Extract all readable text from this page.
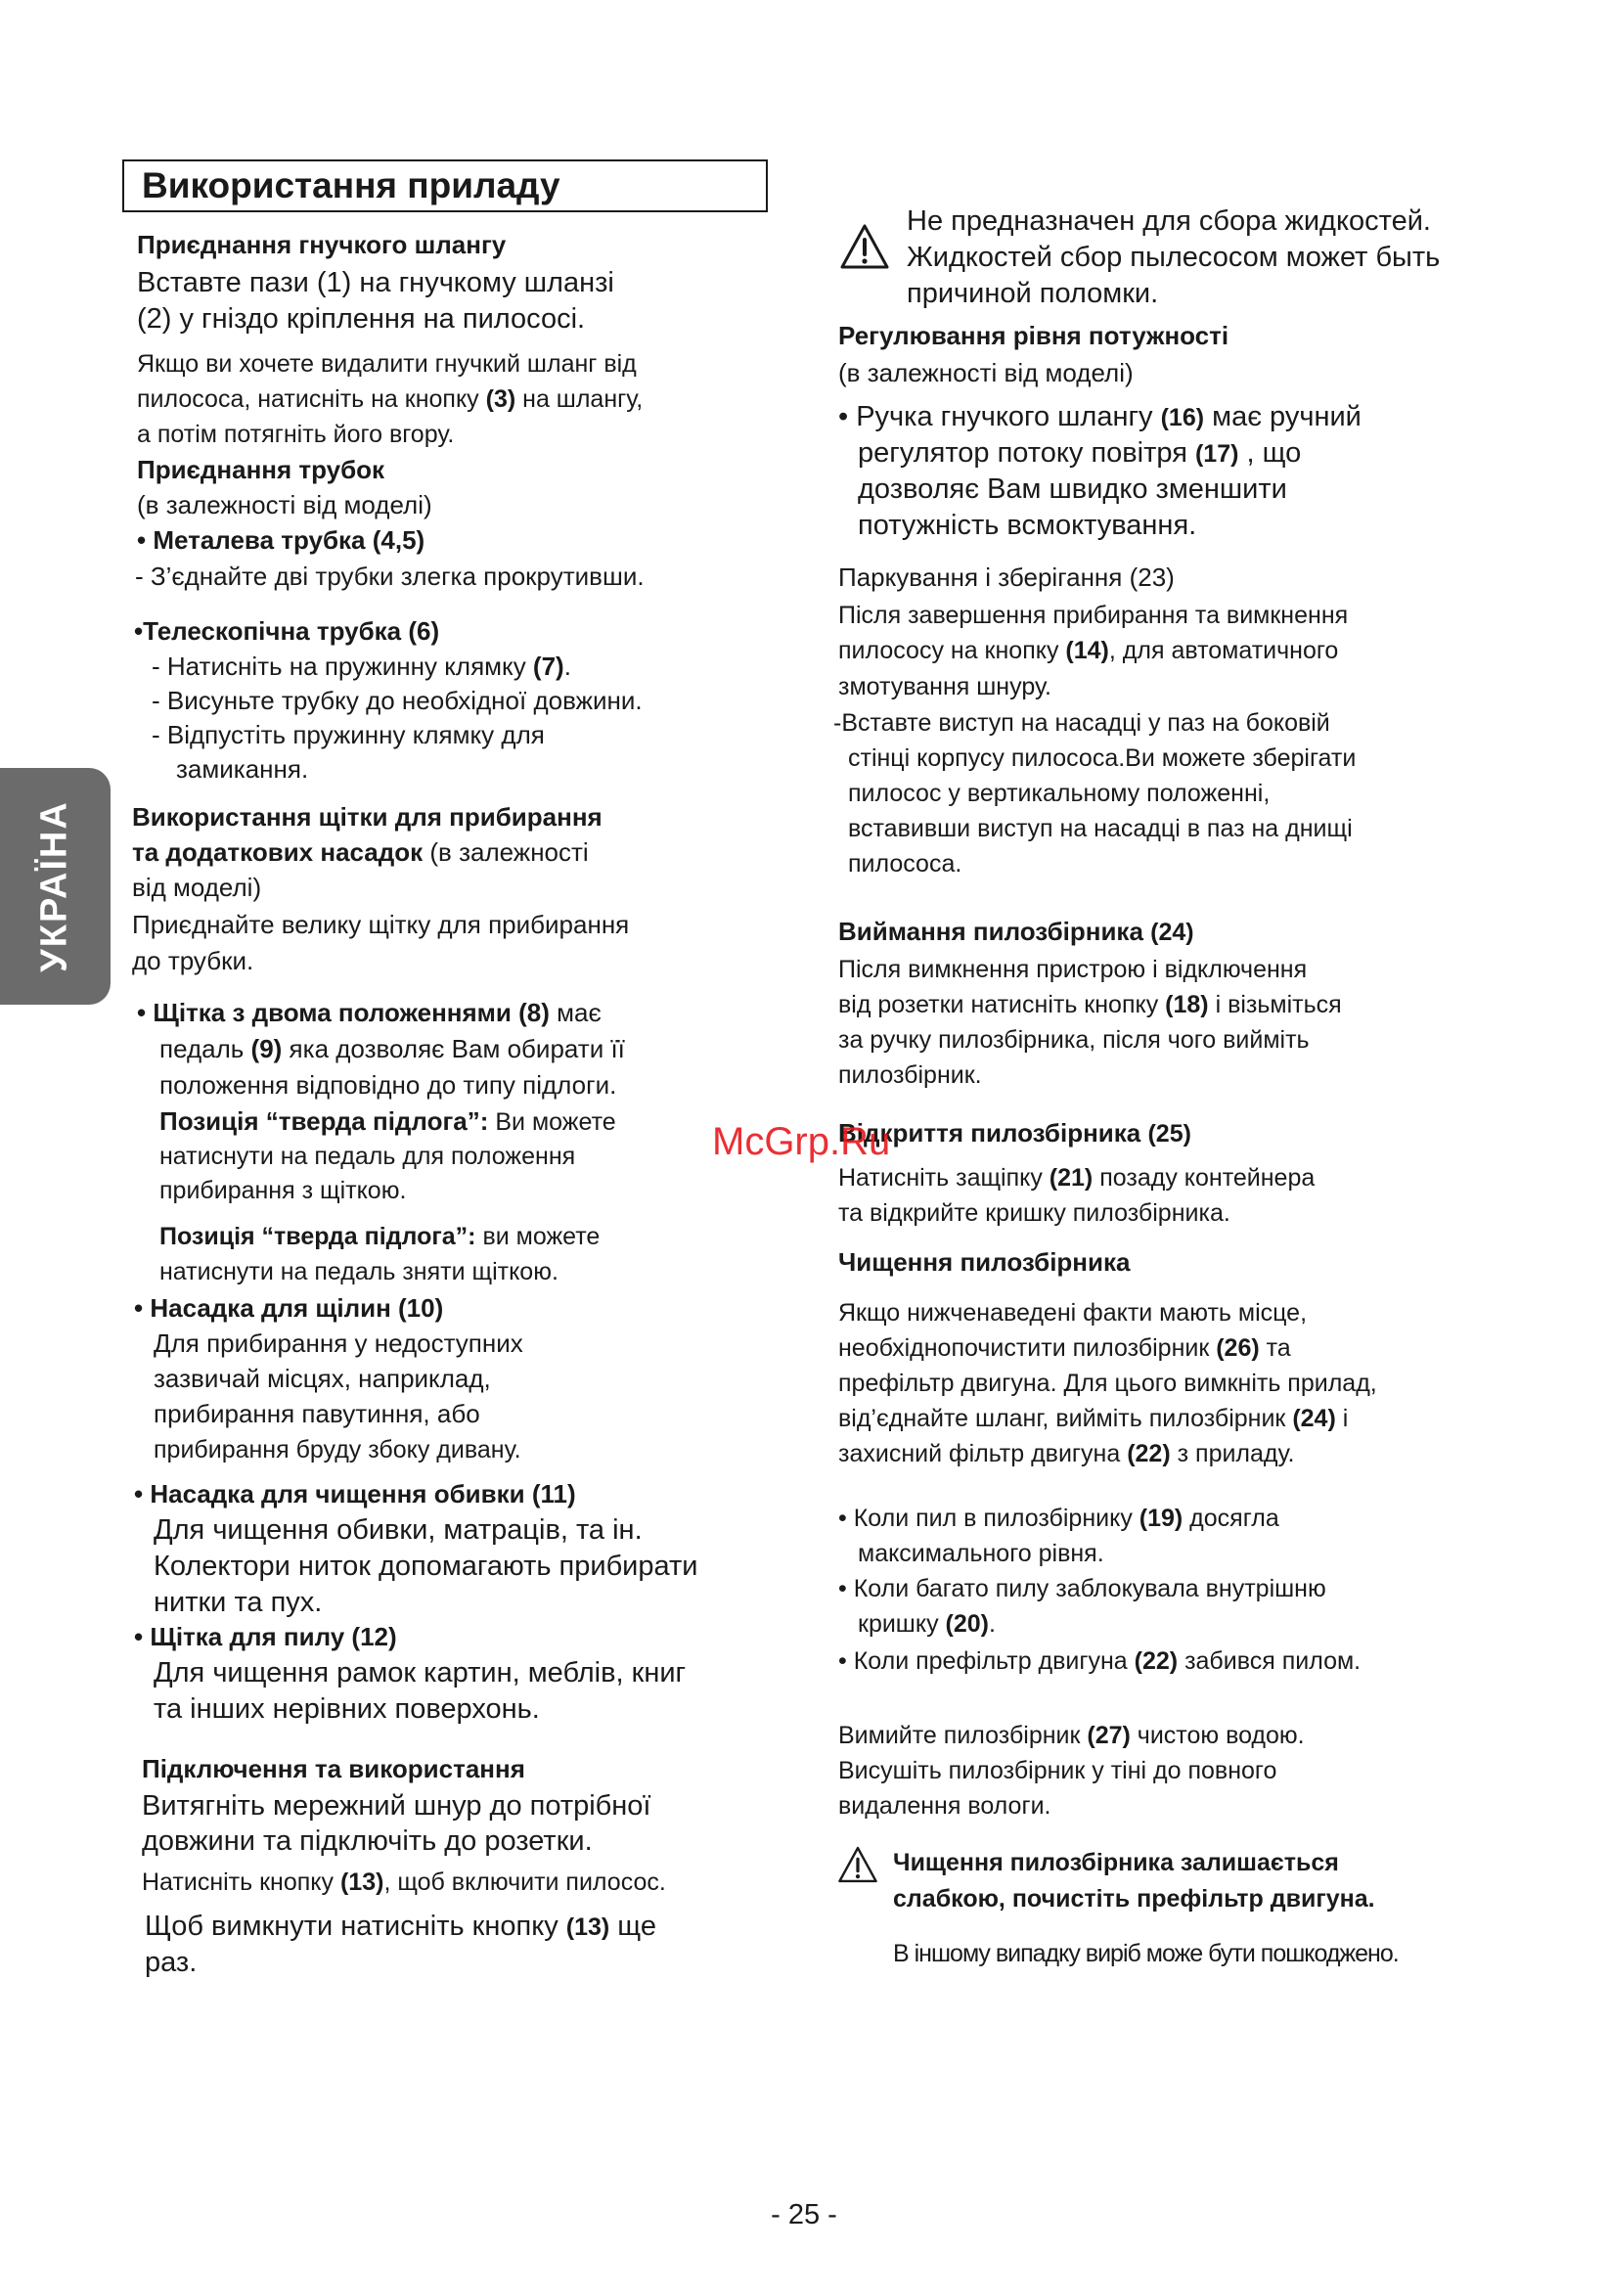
УКРАЇНА
Використання приладу
Приєднання гнучкого шлангу
Вставте пази (1) на гнучкому шланзі
(2) у гніздо кріплення на пилососі.
Якщо ви хочете видалити гнучкий шланг від
пилососа, натисніть на кнопку (3) на шлангу,
а потім потягніть його вгору.
Приєднання трубок
(в залежності від моделі)
• Металева трубка (4,5)
- З’єднайте дві трубки злегка прокрутивши.
•Телескопічна трубка (6)
- Натисніть на пружинну клямку (7).
- Висуньте трубку до необхідної довжини.
- Відпустіть пружинну клямку для
замикання.
Використання щітки для прибирання
та додаткових насадок (в залежності
від моделі)
Приєднайте велику щітку для прибирання
до трубки.
• Щітка з двома положеннями (8) має
педаль (9) яка дозволяє Вам обирати її
положення відповідно до типу підлоги.
Позиція “тверда підлога”: Ви можете
натиснути на педаль для положення
прибирання з щіткою.
Позиція “тверда підлога”: ви можете
натиснути на педаль зняти щіткою.
• Насадка для щілин (10)
Для прибирання у недоступних
зазвичай місцях, наприклад,
прибирання павутиння, або
прибирання бруду збоку дивану.
• Насадка для чищення обивки (11)
Для чищення обивки, матраців, та ін.
Колектори ниток допомагають прибирати
нитки та пух.
• Щітка для пилу (12)
Для чищення рамок картин, меблів, книг
та інших нерівних поверхонь.
Підключення та використання
Витягніть мережний шнур до потрібної
довжини та підключіть до розетки.
Натисніть кнопку (13), щоб включити пилосос.
Щоб вимкнути натисніть кнопку (13) ще
раз.
Не предназначен для сбора жидкостей.
Жидкостей сбор пылесосом может быть
причиной поломки.
Регулювання рівня потужності
(в залежності від моделі)
• Ручка гнучкого шлангу (16) має ручний
регулятор потоку повітря (17) , що
дозволяє Вам швидко зменшити
потужність всмоктування.
Паркування і зберігання (23)
Після завершення прибирання та вимкнення
пилососу на кнопку (14), для автоматичного
змотування шнуру.
-Вставте виступ на насадці у паз на боковій
стінці корпусу пилососа.Ви можете зберігати
пилосос у вертикальному положенні,
вставивши виступ на насадці в паз на днищі
пилососа.
Виймання пилозбірника (24)
Після вимкнення пристрою і відключення
від розетки натисніть кнопку (18) і візьміться
за ручку пилозбірника, після чого вийміть
пилозбірник.
Відкриття пилозбірника (25)
Натисніть защіпку (21) позаду контейнера
та відкрийте кришку пилозбірника.
Чищення пилозбірника
Якщо нижченаведені факти мають місце,
необхіднопочистити пилозбірник (26) та
префільтр двигуна. Для цього вимкніть прилад,
від’єднайте шланг, вийміть пилозбірник (24) і
захисний фільтр двигуна (22) з приладу.
• Коли пил в пилозбірнику (19) досягла
максимального рівня.
• Коли багато пилу заблокувала внутрішню
кришку (20).
• Коли префільтр двигуна (22) забився пилом.
Вимийте пилозбірник (27) чистою водою.
Висушіть пилозбірник у тіні до повного
видалення вологи.
Чищення пилозбірника залишається
слабкою, почистіть префільтр двигуна.
В іншому випадку виріб може бути пошкоджено.
McGrp.Ru
- 25 -
